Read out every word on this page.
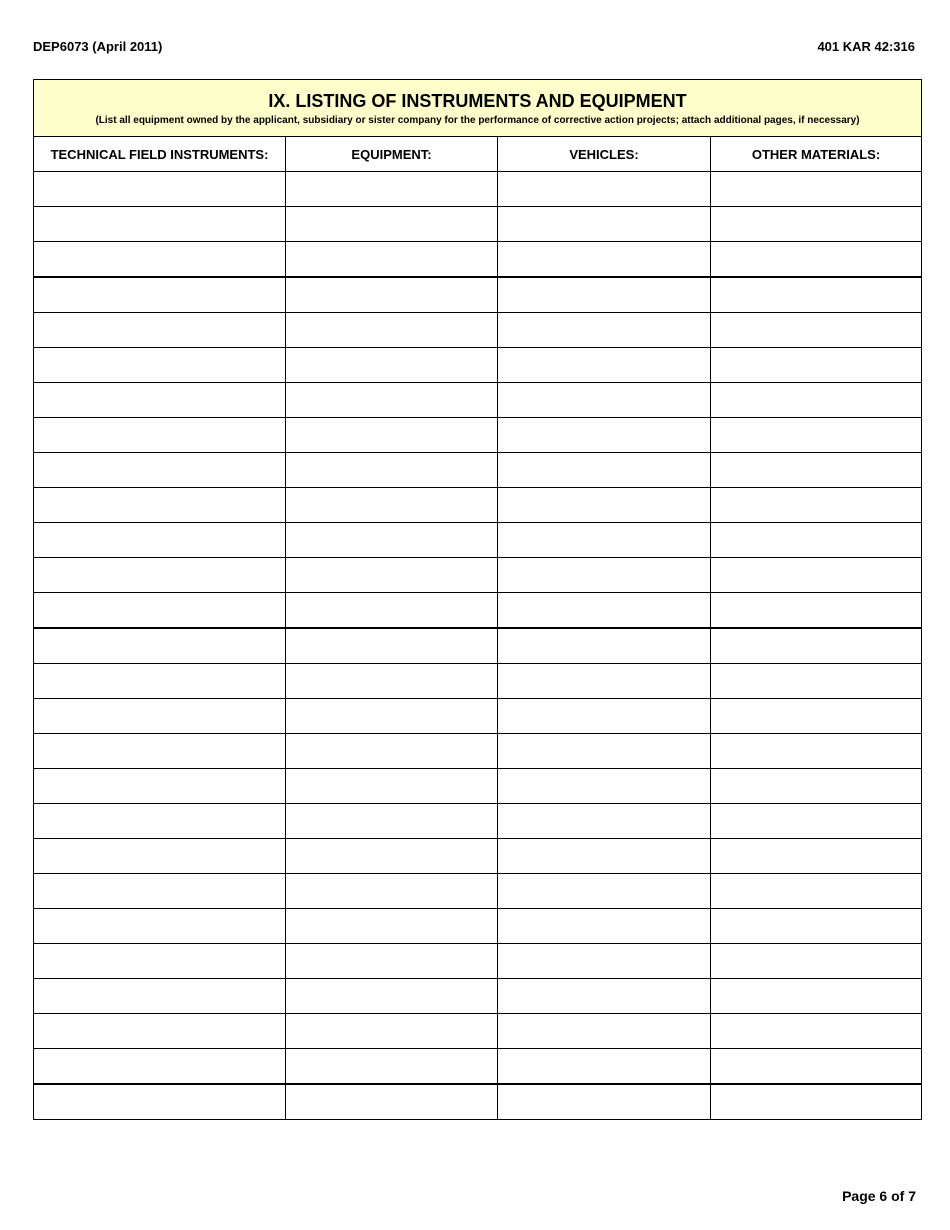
DEP6073 (April 2011)	401 KAR 42:316
IX. LISTING OF INSTRUMENTS AND EQUIPMENT
(List all equipment owned by the applicant, subsidiary or sister company for the performance of corrective action projects; attach additional pages, if necessary)			

TECHNICAL FIELD INSTRUMENTS:	EQUIPMENT:	VEHICLES:	OTHER MATERIALS:

Page 6 of 7
